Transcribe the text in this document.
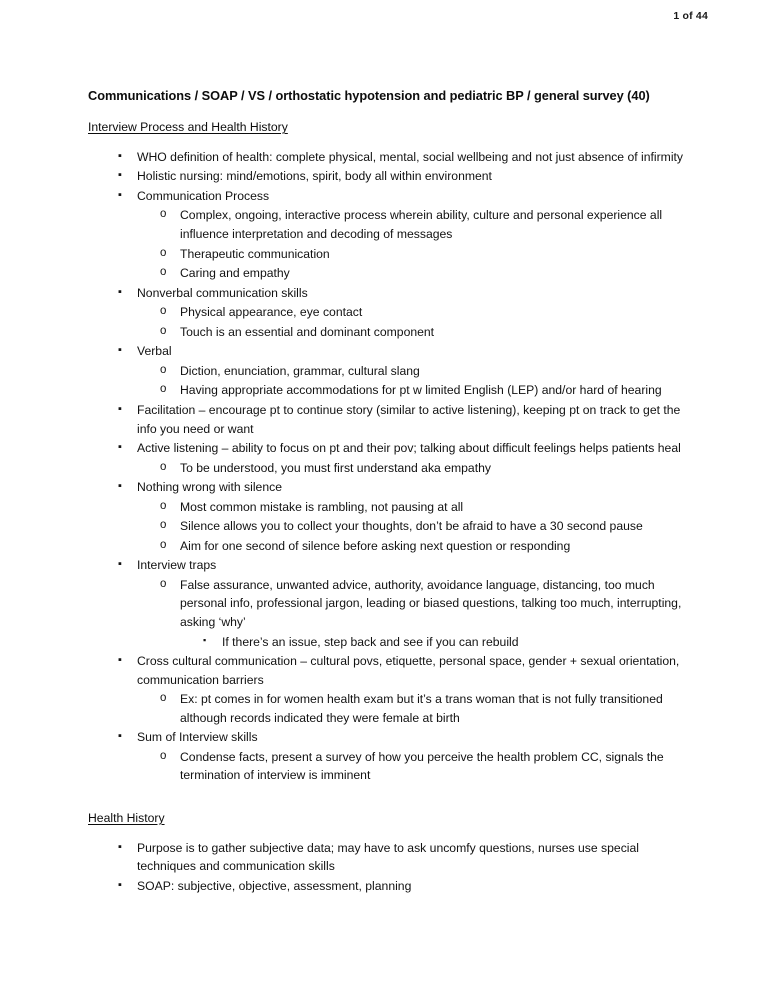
1 of 44
Communications / SOAP / VS / orthostatic hypotension and pediatric BP / general survey (40)
Interview Process and Health History
▪ WHO definition of health: complete physical, mental, social wellbeing and not just absence of infirmity
▪ Holistic nursing: mind/emotions, spirit, body all within environment
▪ Communication Process
o Complex, ongoing, interactive process wherein ability, culture and personal experience all influence interpretation and decoding of messages
o Therapeutic communication
o Caring and empathy
▪ Nonverbal communication skills
o Physical appearance, eye contact
o Touch is an essential and dominant component
▪ Verbal
o Diction, enunciation, grammar, cultural slang
o Having appropriate accommodations for pt w limited English (LEP) and/or hard of hearing
▪ Facilitation – encourage pt to continue story (similar to active listening), keeping pt on track to get the info you need or want
▪ Active listening – ability to focus on pt and their pov; talking about difficult feelings helps patients heal
o To be understood, you must first understand aka empathy
▪ Nothing wrong with silence
o Most common mistake is rambling, not pausing at all
o Silence allows you to collect your thoughts, don’t be afraid to have a 30 second pause
o Aim for one second of silence before asking next question or responding
▪ Interview traps
o False assurance, unwanted advice, authority, avoidance language, distancing, too much personal info, professional jargon, leading or biased questions, talking too much, interrupting, asking ‘why’
▪ If there’s an issue, step back and see if you can rebuild
▪ Cross cultural communication – cultural povs, etiquette, personal space, gender + sexual orientation, communication barriers
o Ex: pt comes in for women health exam but it’s a trans woman that is not fully transitioned although records indicated they were female at birth
▪ Sum of Interview skills
o Condense facts, present a survey of how you perceive the health problem CC, signals the termination of interview is imminent
Health History
▪ Purpose is to gather subjective data; may have to ask uncomfy questions, nurses use special techniques and communication skills
▪ SOAP: subjective, objective, assessment, planning
